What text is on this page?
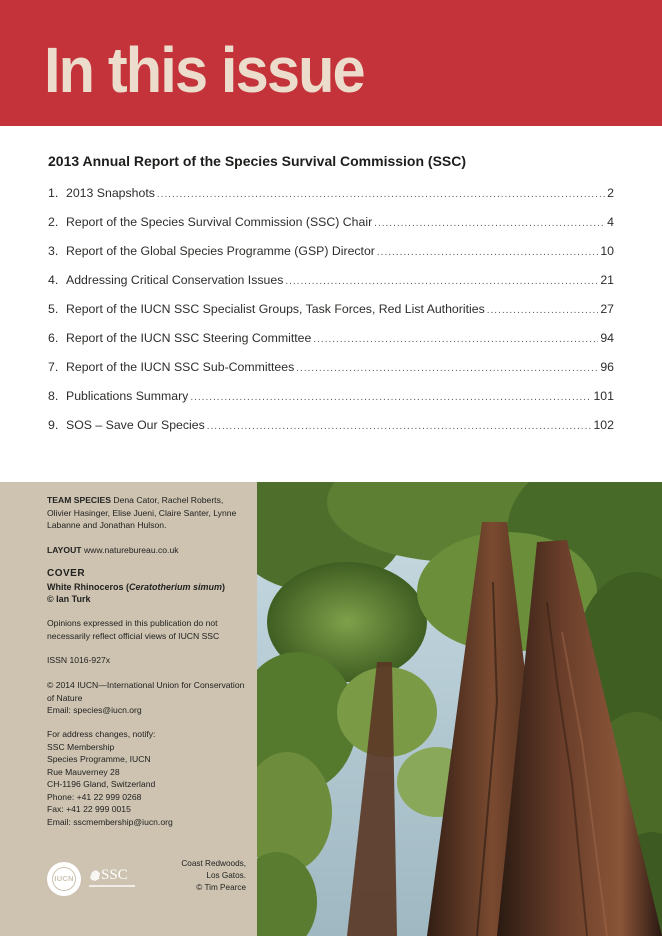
In this issue
2013 Annual Report of the Species Survival Commission (SSC)
1. 2013 Snapshots .....	2
2. Report of the Species Survival Commission (SSC) Chair .....	4
3. Report of the Global Species Programme (GSP) Director .....	10
4. Addressing Critical Conservation Issues .....	21
5. Report of the IUCN SSC Specialist Groups, Task Forces, Red List Authorities .....	27
6. Report of the IUCN SSC Steering Committee .....	94
7. Report of the IUCN SSC Sub-Committees .....	96
8. Publications Summary .....	101
9. SOS – Save Our Species .....	102
TEAM SPECIES Dena Cator, Rachel Roberts, Olivier Hasinger, Elise Jueni, Claire Santer, Lynne Labanne and Jonathan Hulson.
LAYOUT www.naturebureau.co.uk
COVER
White Rhinoceros (Ceratotherium simum)
© Ian Turk
Opinions expressed in this publication do not necessarily reflect official views of IUCN SSC
ISSN 1016-927x
© 2014 IUCN—International Union for Conservation of Nature
Email: species@iucn.org
For address changes, notify:
SSC Membership
Species Programme, IUCN
Rue Mauverney 28
CH-1196 Gland, Switzerland
Phone: +41 22 999 0268
Fax: +41 22 999 0015
Email: sscmembership@iucn.org
IUCN	SSC
Coast Redwoods,
Los Gatos.
© Tim Pearce
